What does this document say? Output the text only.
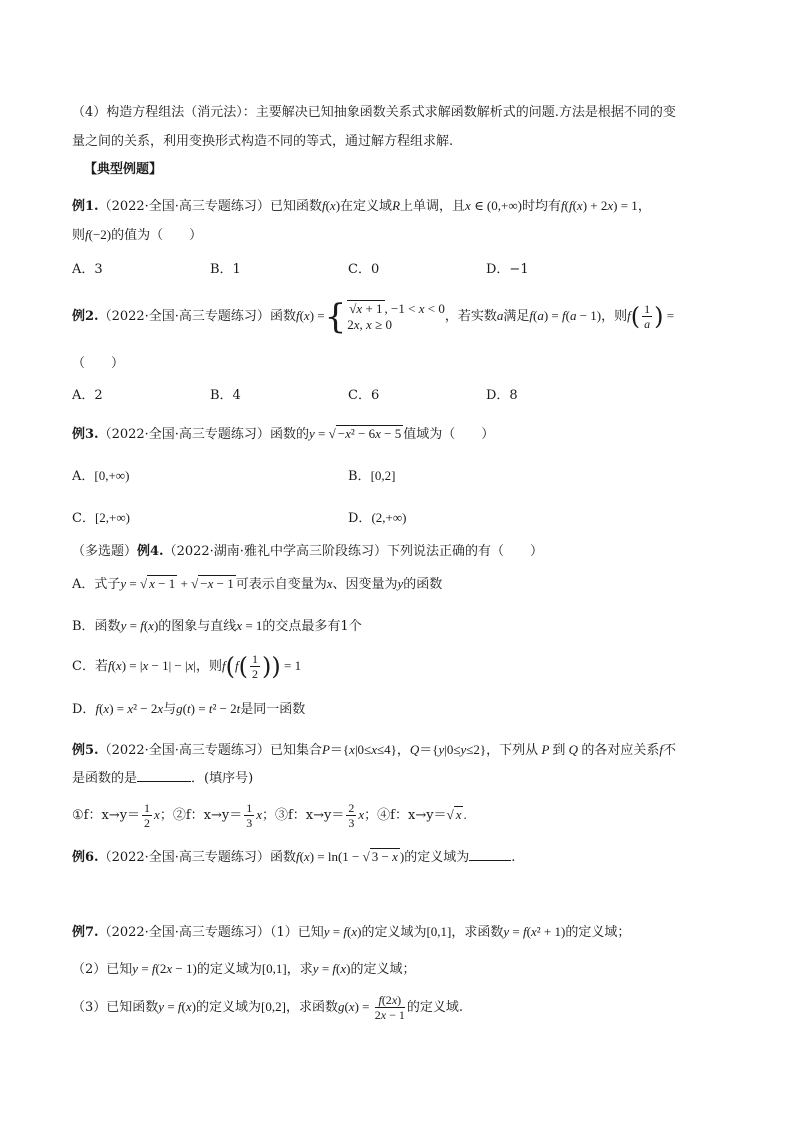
（4）构造方程组法（消元法）：主要解决已知抽象函数关系式求解函数解析式的问题.方法是根据不同的变
量之间的关系，利用变换形式构造不同的等式，通过解方程组求解.
【典型例题】
例1.（2022·全国·高三专题练习）已知函数f(x)在定义域R上单调，且x ∈ (0,+∞)时均有f(f(x) + 2x) = 1，
则f(−2)的值为（　　）
A．3	B．1	C．0	D．−1
例2.（2022·全国·高三专题练习）函数f(x) ={ √x + 1 , −1 < x < 0
2x, x ≥ 0	，若实数a满足f(a) = f(a − 1)，则$f( \frac{1}{a}$ ) =
（　　）
A．2	B．4	C．6	D．8
例3.（2022·全国·高三专题练习）函数的y = √ −x² − 6x − 5 值域为（　　）
A．[0,+∞)	B．[0,2]
C．[2,+∞)	D．(2,+∞)
（多选题）例4.（2022·湖南·雅礼中学高三阶段练习）下列说法正确的有（　　）
A．式子y = √ x − 1 + √ −x − 1 可表示自变量为x、因变量为y的函数
B．函数y = f(x)的图象与直线x = 1的交点最多有1个
C．若f(x) = |x − 1| − |x|，则$f(f( \frac{1}{2}$ )) = 1
D．f(x) = x² − 2x与g(t) = t² − 2t是同一函数
例5.（2022·全国·高三专题练习）已知集合P＝{x|0≤x≤4}，Q＝{y|0≤y≤2}，下列从 P 到 Q 的各对应关系f不
是函数的是	．(填序号)
①f：$x\to y= \frac{1}{2}$ x；②f：$x\to y= \frac{1}{3}$ x；③f：$x\to y= \frac{2}{3}$ x；④f：x→y＝√ x .
例6.（2022·全国·高三专题练习）函数f(x) = ln(1 − √ 3 − x )的定义域为	.
例7.（2022·全国·高三专题练习）（1）已知y = f(x)的定义域为[0,1]，求函数y = f(x² + 1)的定义域；
（2）已知y = f(2x − 1)的定义域为[0,1]，求y = f(x)的定义域；
（3）已知函数y = f(x)的定义域为[0,2]，求函数$g(x) = \frac{f(2x)}{2x - 1}$ 的定义域.
